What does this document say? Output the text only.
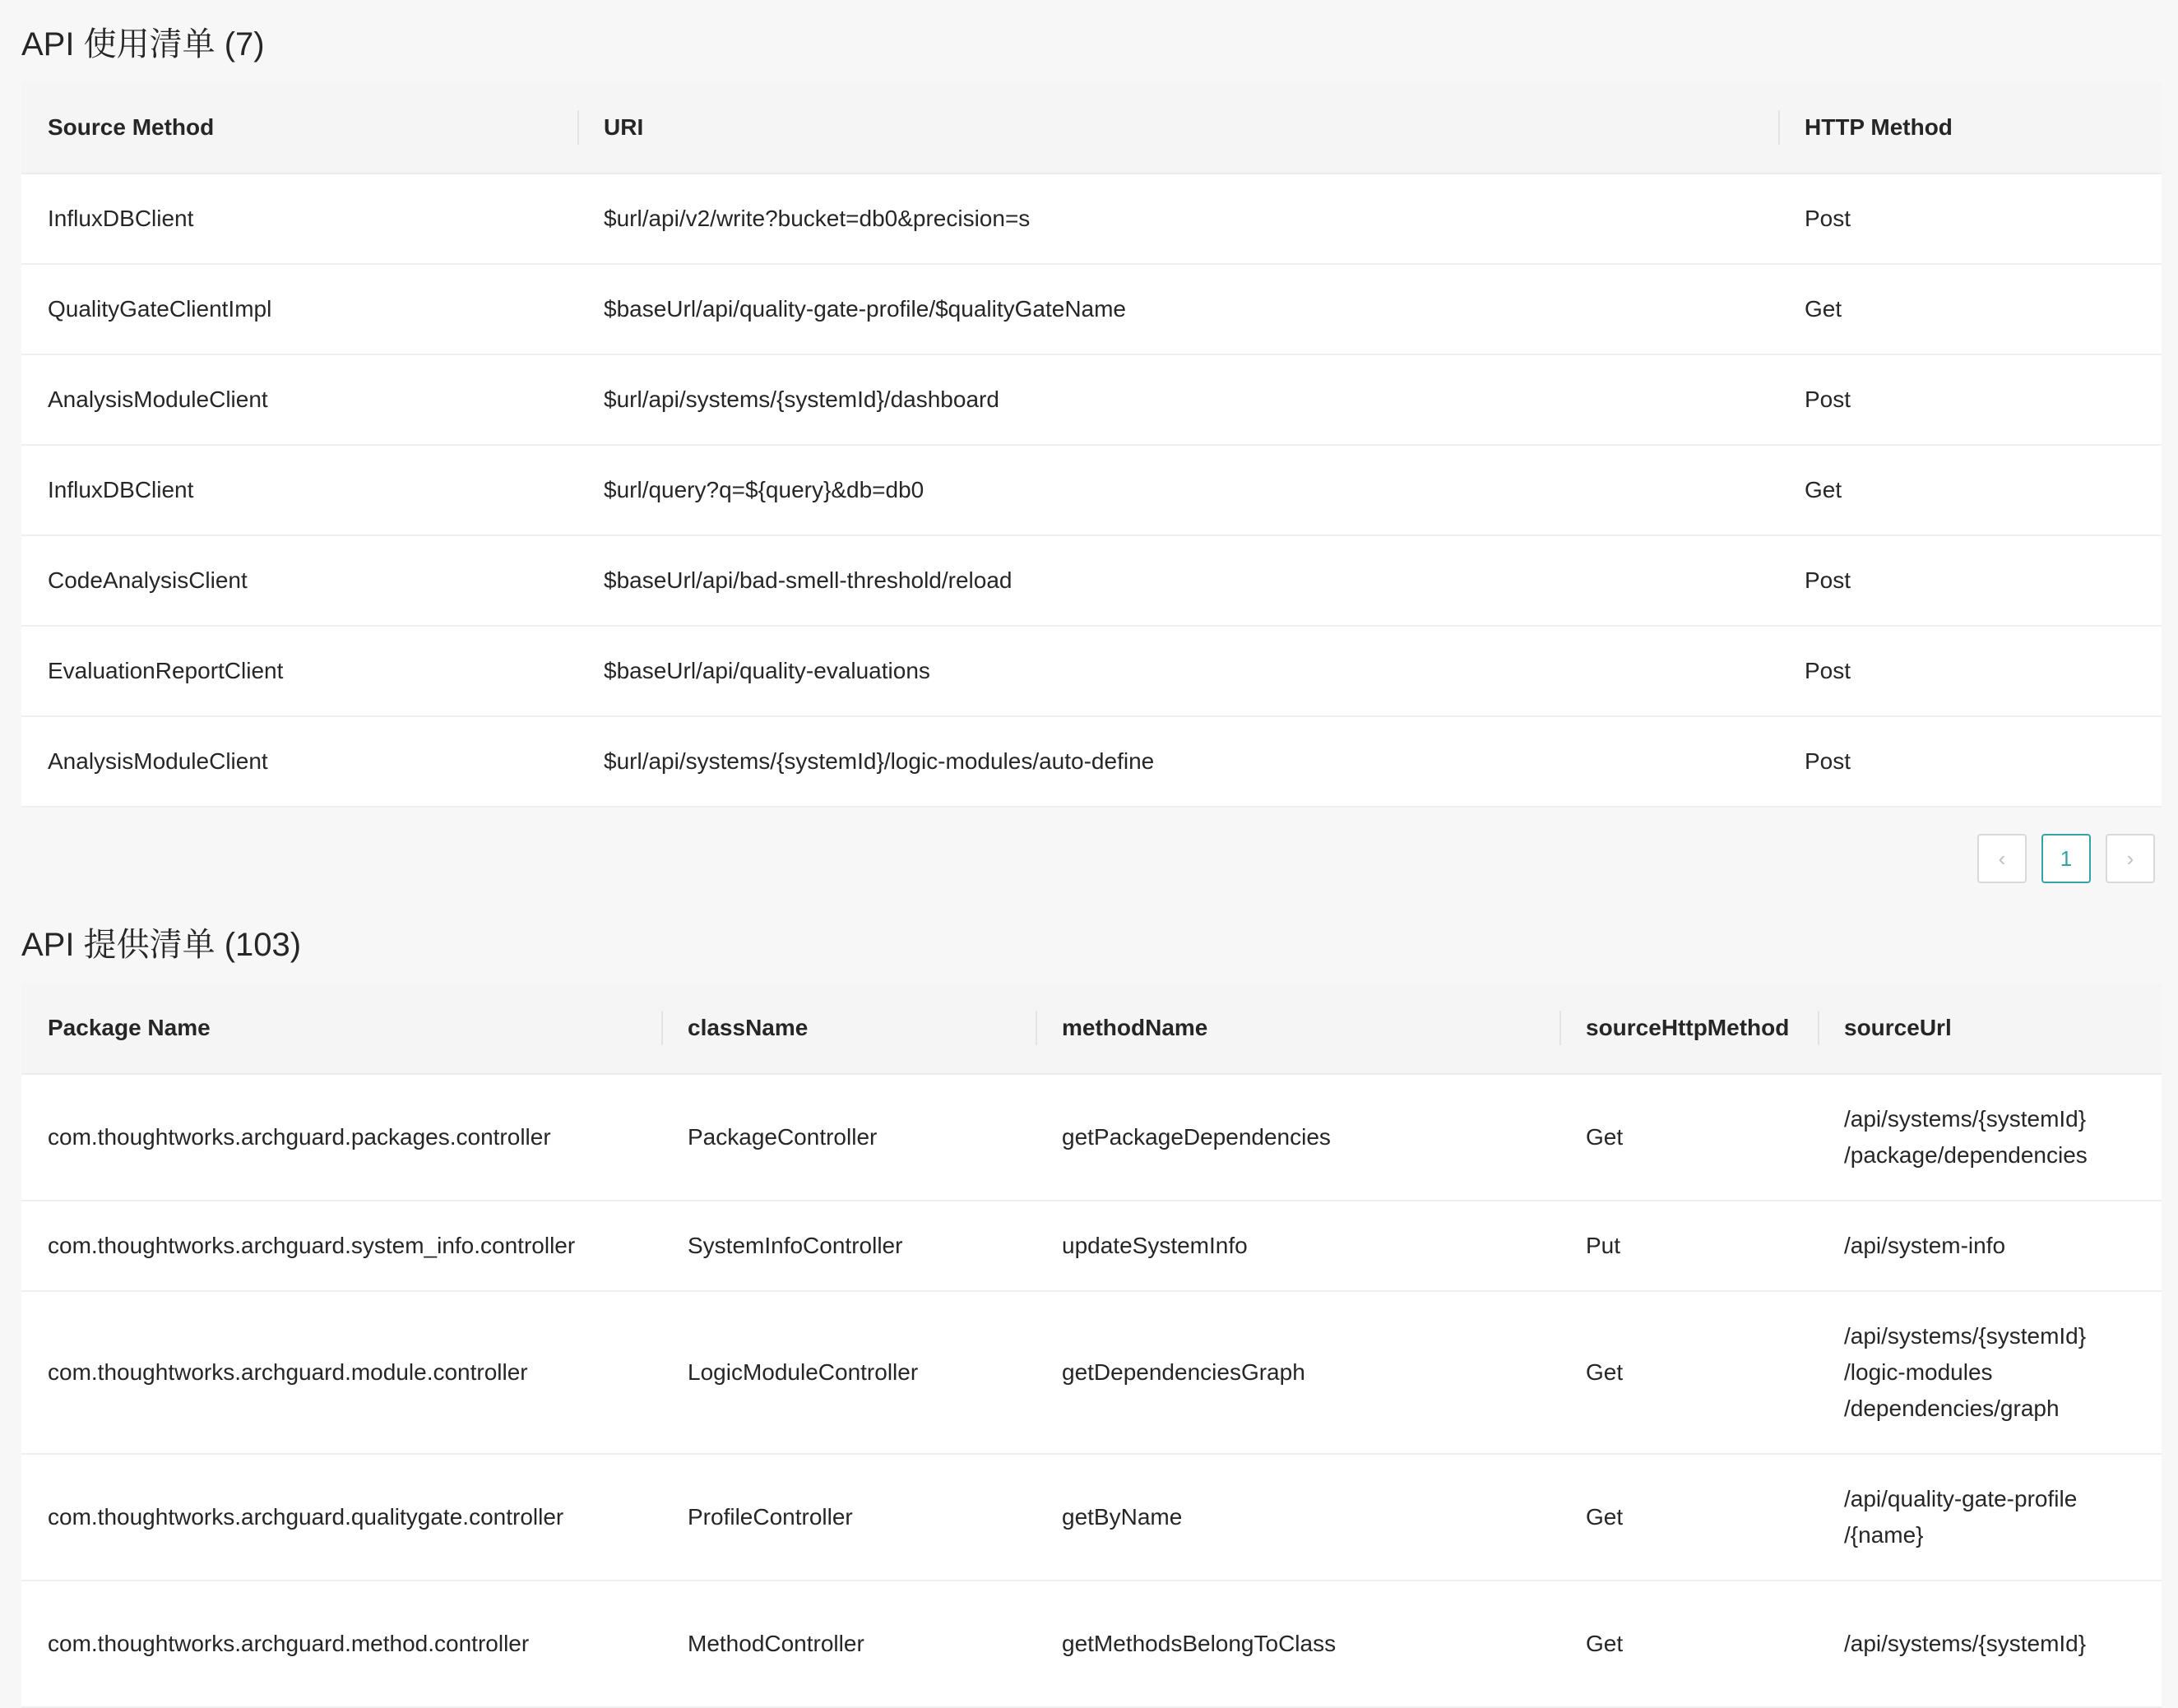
API 使用清单 (7)
Source Method	URI	HTTP Method
InfluxDBClient	$url/api/v2/write?bucket=db0&precision=s	Post
QualityGateClientImpl	$baseUrl/api/quality-gate-profile/$qualityGateName	Get
AnalysisModuleClient	$url/api/systems/{systemId}/dashboard	Post
InfluxDBClient	$url/query?q=${query}&db=db0	Get
CodeAnalysisClient	$baseUrl/api/bad-smell-threshold/reload	Post
EvaluationReportClient	$baseUrl/api/quality-evaluations	Post
AnalysisModuleClient	$url/api/systems/{systemId}/logic-modules/auto-define	Post
‹	1	›
API 提供清单 (103)
Package Name	className	methodName	sourceHttpMethod	sourceUrl
com.thoughtworks.archguard.packages.controller	PackageController	getPackageDependencies	Get	/api/systems/{systemId}
/package/dependencies
com.thoughtworks.archguard.system_info.controller	SystemInfoController	updateSystemInfo	Put	/api/system-info
com.thoughtworks.archguard.module.controller	LogicModuleController	getDependenciesGraph	Get	/api/systems/{systemId}
/logic-modules
/dependencies/graph
com.thoughtworks.archguard.qualitygate.controller	ProfileController	getByName	Get	/api/quality-gate-profile
/{name}
com.thoughtworks.archguard.method.controller	MethodController	getMethodsBelongToClass	Get	/api/systems/{systemId}
